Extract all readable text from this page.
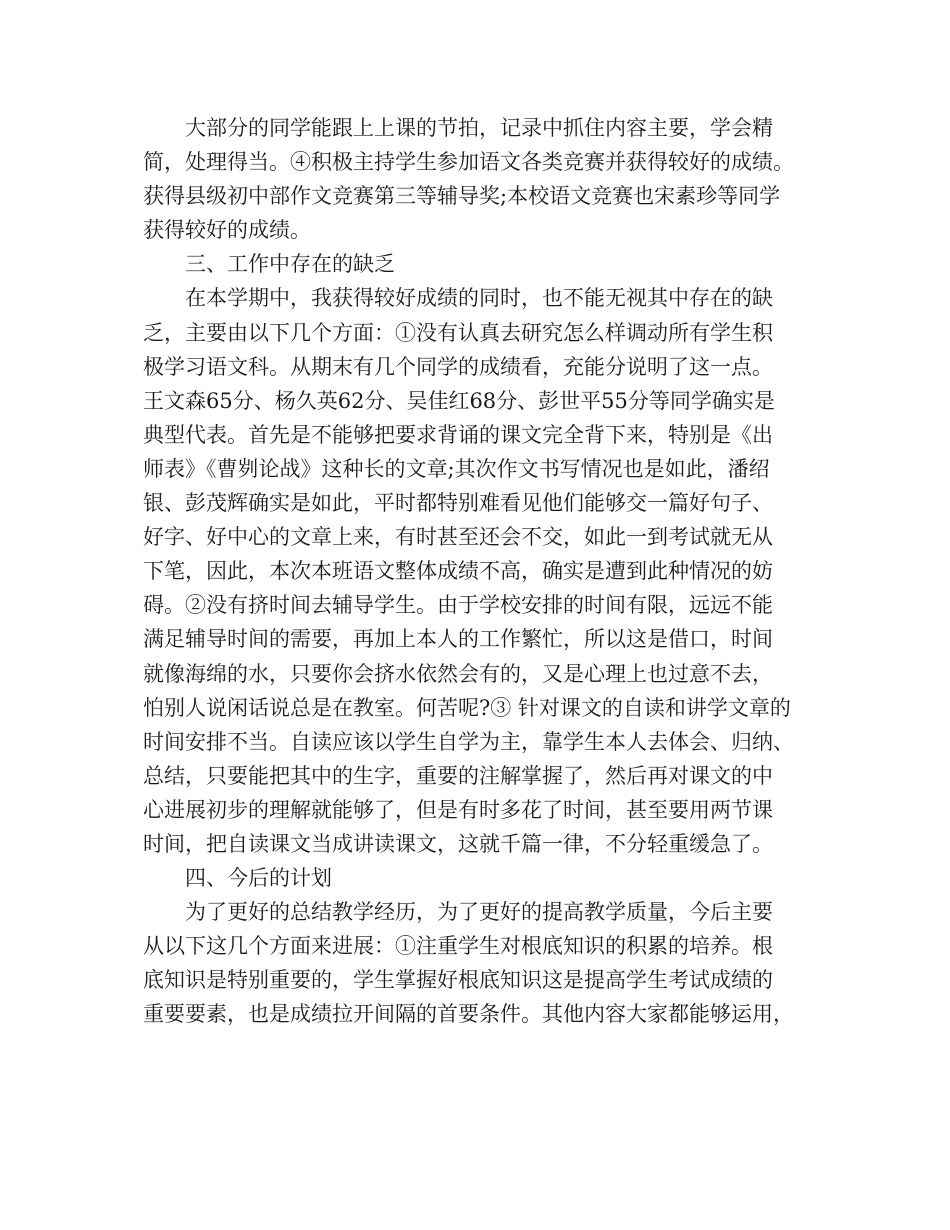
大部分的同学能跟上上课的节拍，记录中抓住内容主要，学会精
简，处理得当。④积极主持学生参加语文各类竞赛并获得较好的成绩。
获得县级初中部作文竞赛第三等辅导奖;本校语文竞赛也宋素珍等同学
获得较好的成绩。
三、工作中存在的缺乏
在本学期中，我获得较好成绩的同时，也不能无视其中存在的缺
乏，主要由以下几个方面：①没有认真去研究怎么样调动所有学生积
极学习语文科。从期末有几个同学的成绩看，充能分说明了这一点。
王文森65分、杨久英62分、吴佳红68分、彭世平55分等同学确实是
典型代表。首先是不能够把要求背诵的课文完全背下来，特别是《出
师表》《曹刿论战》这种长的文章;其次作文书写情况也是如此，潘绍
银、彭茂辉确实是如此，平时都特别难看见他们能够交一篇好句子、
好字、好中心的文章上来，有时甚至还会不交，如此一到考试就无从
下笔，因此，本次本班语文整体成绩不高，确实是遭到此种情况的妨
碍。②没有挤时间去辅导学生。由于学校安排的时间有限，远远不能
满足辅导时间的需要，再加上本人的工作繁忙，所以这是借口，时间
就像海绵的水，只要你会挤水依然会有的，又是心理上也过意不去，
怕别人说闲话说总是在教室。何苦呢?③ 针对课文的自读和讲学文章的
时间安排不当。自读应该以学生自学为主，靠学生本人去体会、归纳、
总结，只要能把其中的生字，重要的注解掌握了，然后再对课文的中
心进展初步的理解就能够了，但是有时多花了时间，甚至要用两节课
时间，把自读课文当成讲读课文，这就千篇一律，不分轻重缓急了。
四、今后的计划
为了更好的总结教学经历，为了更好的提高教学质量，今后主要
从以下这几个方面来进展：①注重学生对根底知识的积累的培养。根
底知识是特别重要的，学生掌握好根底知识这是提高学生考试成绩的
重要要素，也是成绩拉开间隔的首要条件。其他内容大家都能够运用，
